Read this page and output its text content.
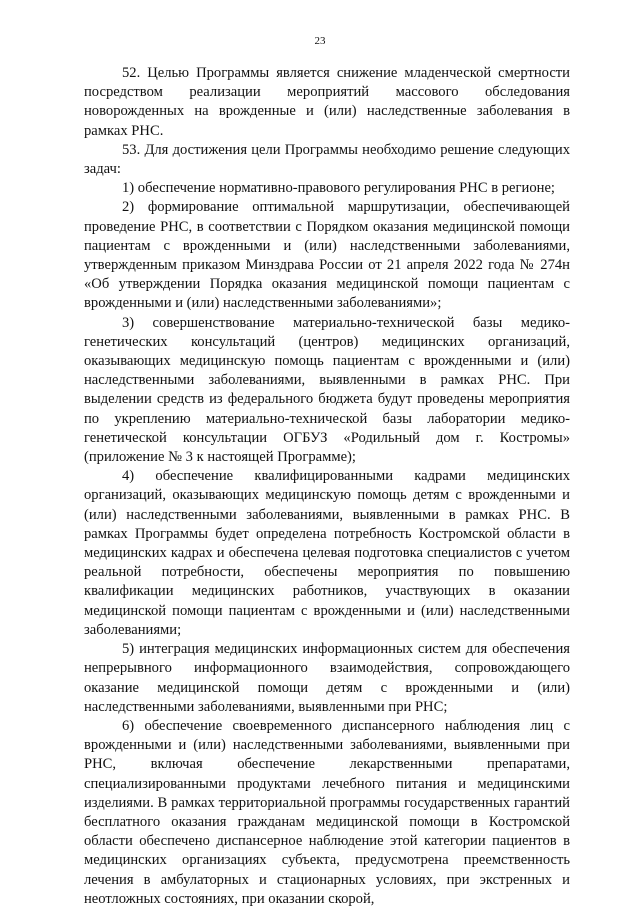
23

52. Целью Программы является снижение младенческой смертности посредством реализации мероприятий массового обследования новорожденных на врожденные и (или) наследственные заболевания в рамках РНС.

53. Для достижения цели Программы необходимо решение следующих задач:

1) обеспечение нормативно-правового регулирования РНС в регионе;

2) формирование оптимальной маршрутизации, обеспечивающей проведение РНС, в соответствии с Порядком оказания медицинской помощи пациентам с врожденными и (или) наследственными заболеваниями, утвержденным приказом Минздрава России от 21 апреля 2022 года № 274н «Об утверждении Порядка оказания медицинской помощи пациентам с врожденными и (или) наследственными заболеваниями»;

3) совершенствование материально-технической базы медико-генетических консультаций (центров) медицинских организаций, оказывающих медицинскую помощь пациентам с врожденными и (или) наследственными заболеваниями, выявленными в рамках РНС. При выделении средств из федерального бюджета будут проведены мероприятия по укреплению материально-технической базы лаборатории медико-генетической консультации ОГБУЗ «Родильный дом г. Костромы» (приложение № 3 к настоящей Программе);

4) обеспечение квалифицированными кадрами медицинских организаций, оказывающих медицинскую помощь детям с врожденными и (или) наследственными заболеваниями, выявленными в рамках РНС. В рамках Программы будет определена потребность Костромской области в медицинских кадрах и обеспечена целевая подготовка специалистов с учетом реальной потребности, обеспечены мероприятия по повышению квалификации медицинских работников, участвующих в оказании медицинской помощи пациентам с врожденными и (или) наследственными заболеваниями;

5) интеграция медицинских информационных систем для обеспечения непрерывного информационного взаимодействия, сопровождающего оказание медицинской помощи детям с врожденными и (или) наследственными заболеваниями, выявленными при РНС;

6) обеспечение своевременного диспансерного наблюдения лиц с врожденными и (или) наследственными заболеваниями, выявленными при РНС, включая обеспечение лекарственными препаратами, специализированными продуктами лечебного питания и медицинскими изделиями. В рамках территориальной программы государственных гарантий бесплатного оказания гражданам медицинской помощи в Костромской области обеспечено диспансерное наблюдение этой категории пациентов в медицинских организациях субъекта, предусмотрена преемственность лечения в амбулаторных и стационарных условиях, при экстренных и неотложных состояниях, при оказании скорой,
